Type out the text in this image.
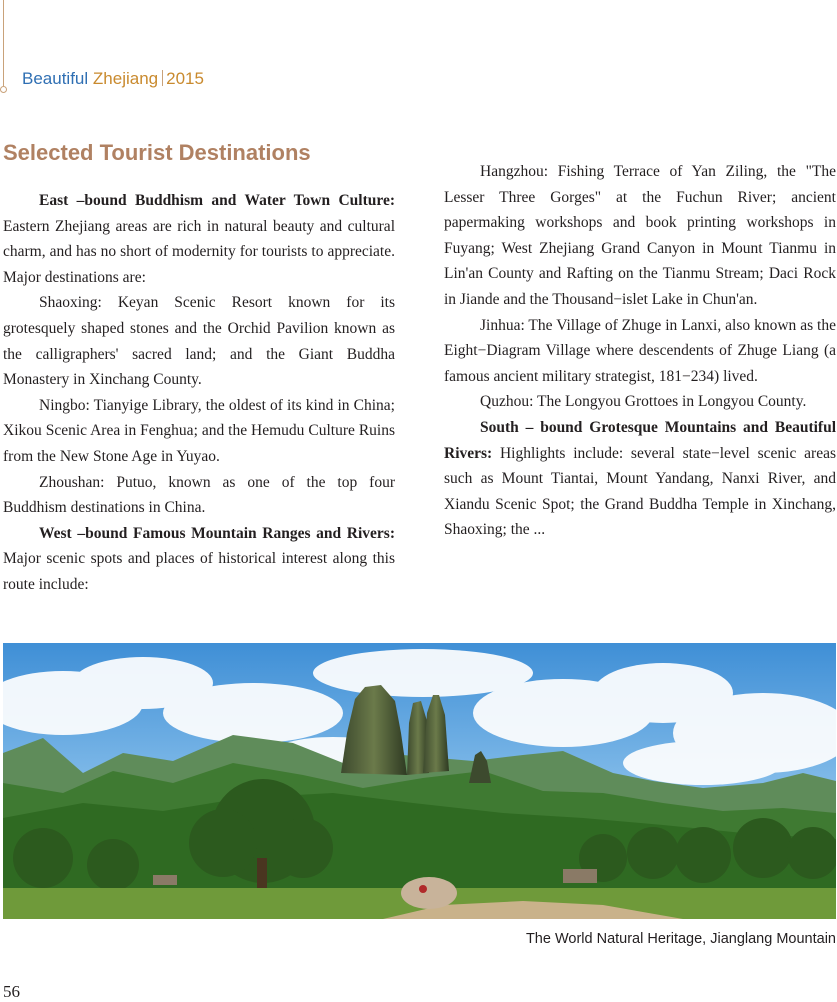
Beautiful Zhejiang 2015
Selected Tourist Destinations

East –bound Buddhism and Water Town Culture: Eastern Zhejiang areas are rich in natural beauty and cultural charm, and has no short of modernity for tourists to appreciate. Major destinations are:

Shaoxing: Keyan Scenic Resort known for its grotesquely shaped stones and the Orchid Pavilion known as the calligraphers' sacred land; and the Giant Buddha Monastery in Xinchang County.

Ningbo: Tianyige Library, the oldest of its kind in China; Xikou Scenic Area in Fenghua; and the Hemudu Culture Ruins from the New Stone Age in Yuyao.

Zhoushan: Putuo, known as one of the top four Buddhism destinations in China.

West –bound Famous Mountain Ranges and Rivers: Major scenic spots and places of historical interest along this route include:

Hangzhou: Fishing Terrace of Yan Ziling, the "The Lesser Three Gorges" at the Fuchun River; ancient papermaking workshops and book printing workshops in Fuyang; West Zhejiang Grand Canyon in Mount Tianmu in Lin'an County and Rafting on the Tianmu Stream; Daci Rock in Jiande and the Thousand−islet Lake in Chun'an.

Jinhua: The Village of Zhuge in Lanxi, also known as the Eight−Diagram Village where descendents of Zhuge Liang (a famous ancient military strategist, 181−234) lived.

Quzhou: The Longyou Grottoes in Longyou County.

South – bound Grotesque Mountains and Beautiful Rivers: Highlights include: several state−level scenic areas such as Mount Tiantai, Mount Yandang, Nanxi River, and Xiandu Scenic Spot; the Grand Buddha Temple in Xinchang, Shaoxing; the ...

The World Natural Heritage, Jianglang Mountain
56
